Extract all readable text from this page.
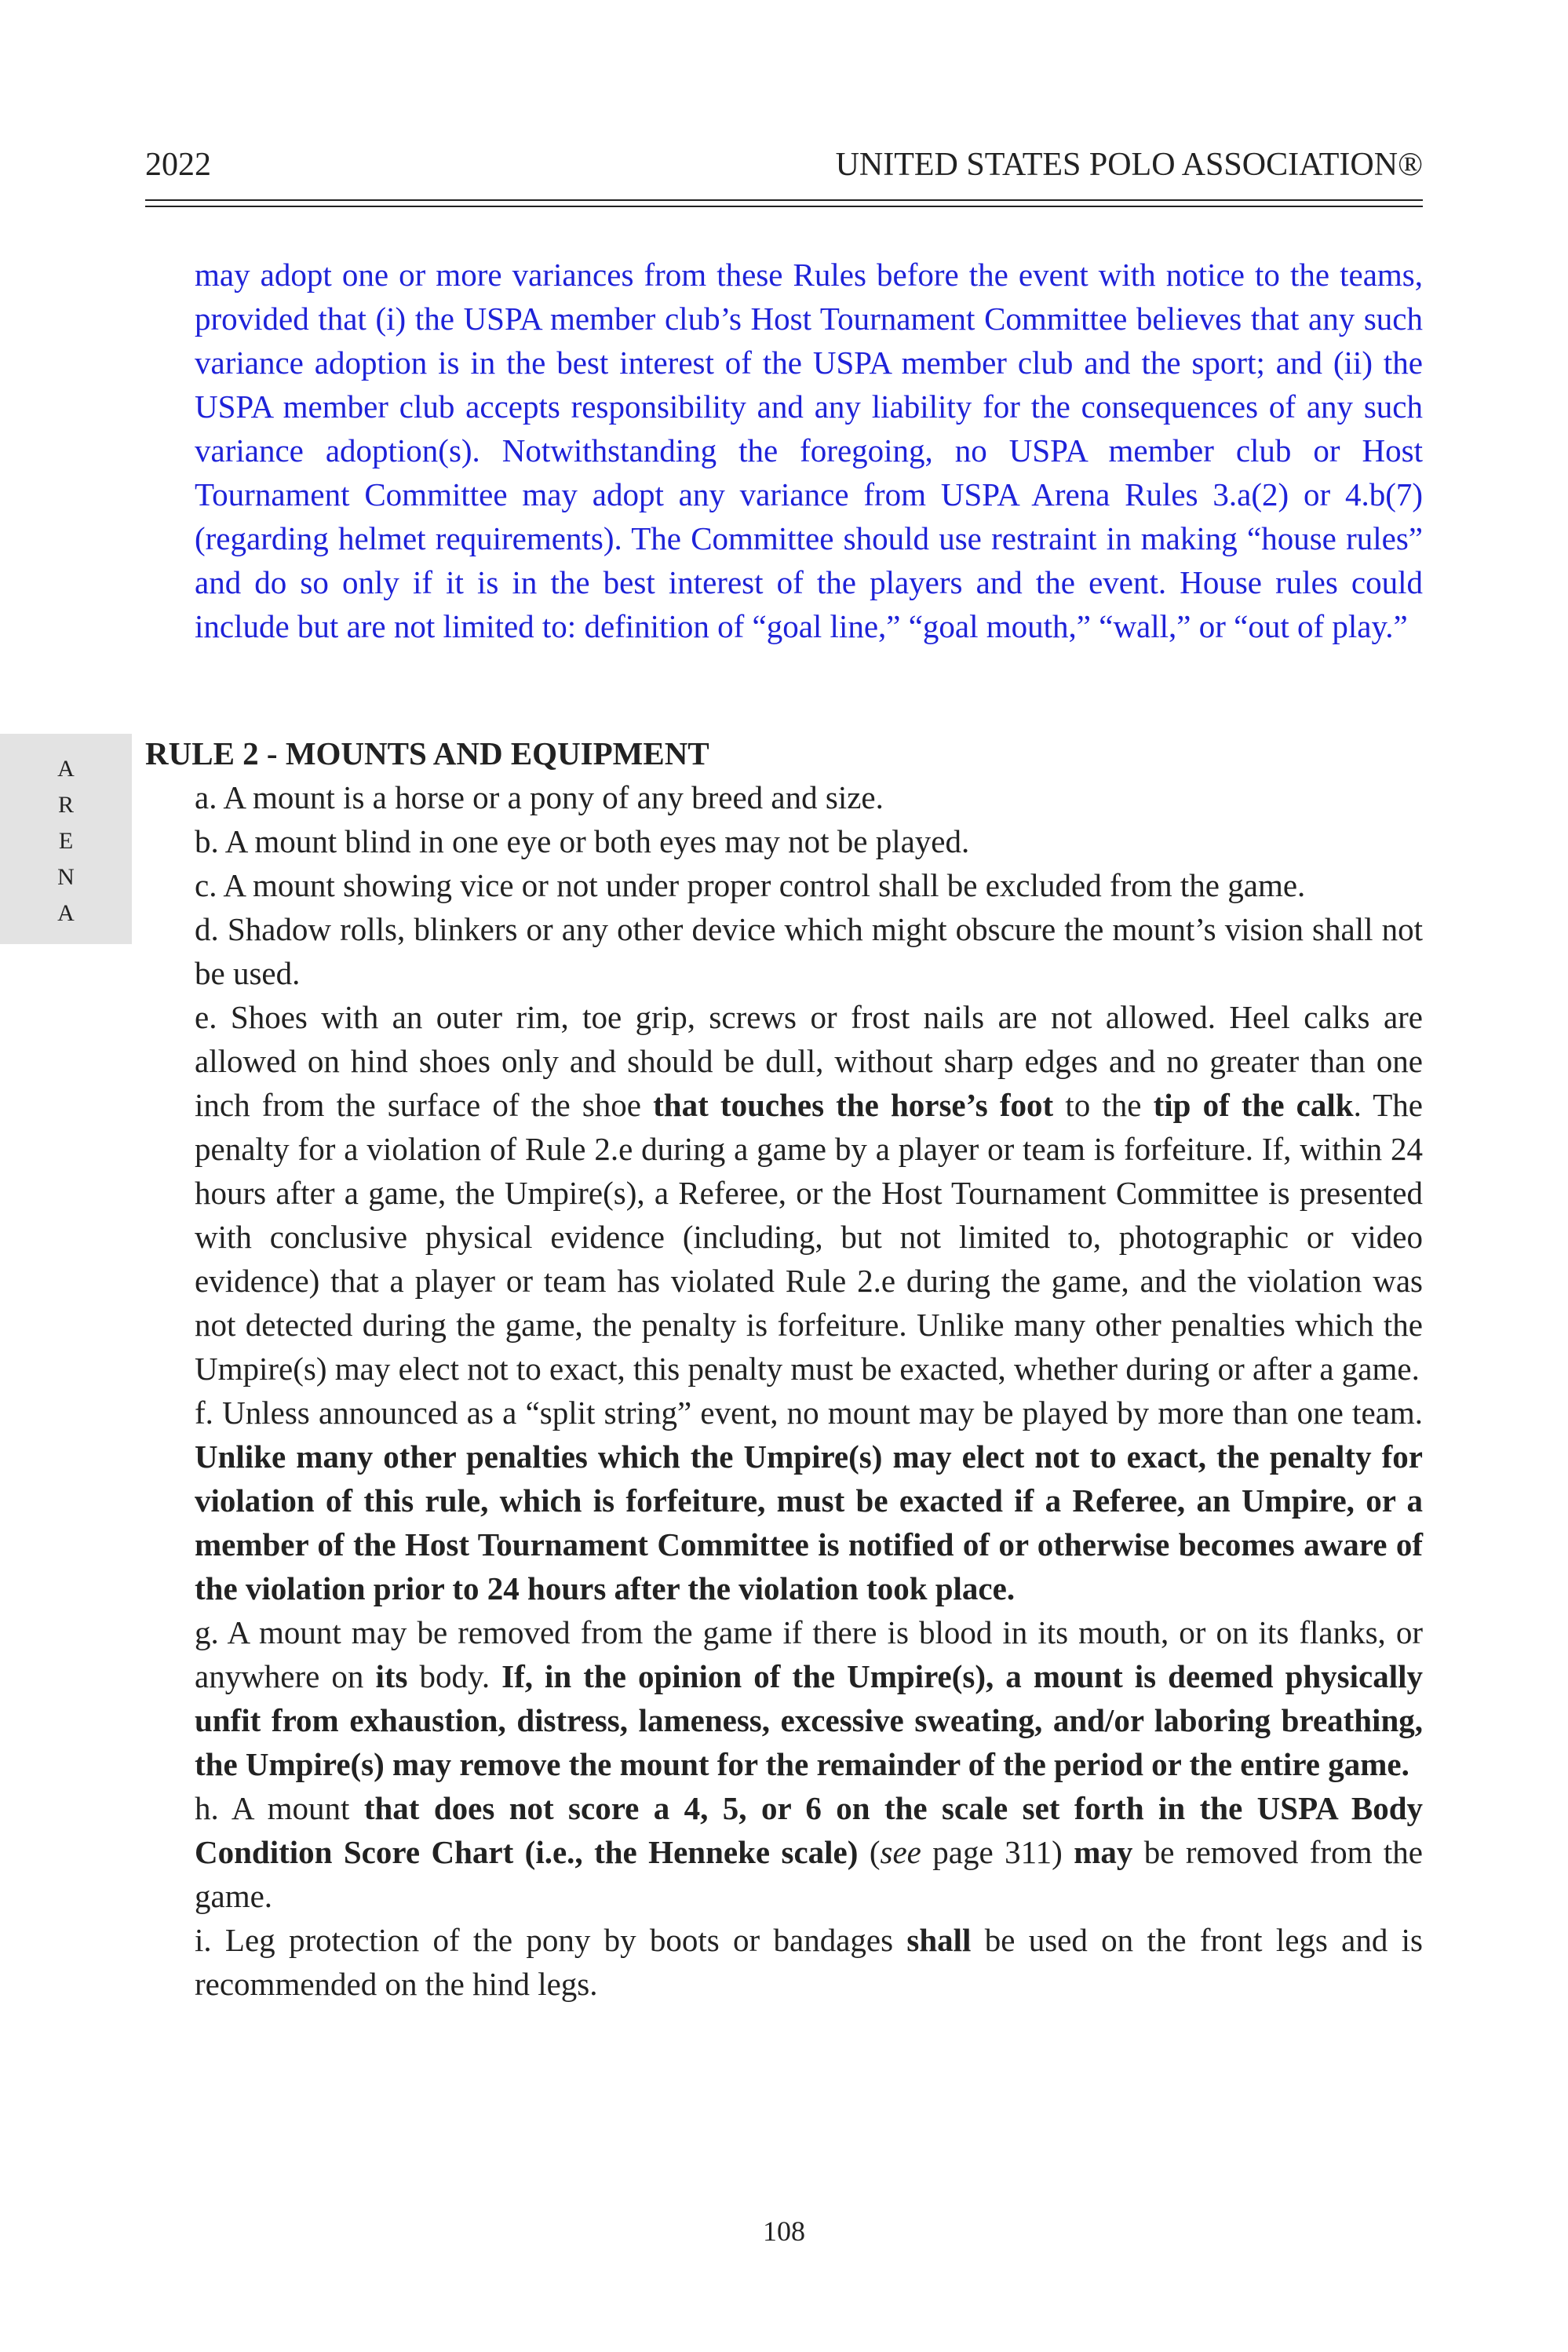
2022	UNITED STATES POLO ASSOCIATION®

may adopt one or more variances from these Rules before the event with notice to the teams, provided that (i) the USPA member club’s Host Tournament Committee believes that any such variance adoption is in the best interest of the USPA member club and the sport; and (ii) the USPA member club accepts responsibility and any liability for the consequences of any such variance adoption(s). Notwithstanding the foregoing, no USPA member club or Host Tournament Committee may adopt any variance from USPA Arena Rules 3.a(2) or 4.b(7) (regarding helmet requirements). The Committee should use restraint in making “house rules” and do so only if it is in the best interest of the players and the event. House rules could include but are not limited to: definition of “goal line,” “goal mouth,” “wall,” or “out of play.”

A
R
E
N
A
RULE 2 - MOUNTS AND EQUIPMENT

a. A mount is a horse or a pony of any breed and size.

b. A mount blind in one eye or both eyes may not be played.

c. A mount showing vice or not under proper control shall be excluded from the game.

d. Shadow rolls, blinkers or any other device which might obscure the mount’s vision shall not be used.

e. Shoes with an outer rim, toe grip, screws or frost nails are not allowed. Heel calks are allowed on hind shoes only and should be dull, without sharp edges and no greater than one inch from the surface of the shoe that touches the horse’s foot to the tip of the calk. The penalty for a violation of Rule 2.e during a game by a player or team is forfeiture. If, within 24 hours after a game, the Umpire(s), a Referee, or the Host Tournament Committee is presented with conclusive physical evidence (including, but not limited to, photographic or video evidence) that a player or team has violated Rule 2.e during the game, and the violation was not detected during the game, the penalty is forfeiture. Unlike many other penalties which the Umpire(s) may elect not to exact, this penalty must be exacted, whether during or after a game.

f. Unless announced as a “split string” event, no mount may be played by more than one team. Unlike many other penalties which the Umpire(s) may elect not to exact, the penalty for violation of this rule, which is forfeiture, must be exacted if a Referee, an Umpire, or a member of the Host Tournament Committee is notified of or otherwise becomes aware of the violation prior to 24 hours after the violation took place.

g. A mount may be removed from the game if there is blood in its mouth, or on its flanks, or anywhere on its body. If, in the opinion of the Umpire(s), a mount is deemed physically unfit from exhaustion, distress, lameness, excessive sweating, and/or laboring breathing, the Umpire(s) may remove the mount for the remainder of the period or the entire game.

h. A mount that does not score a 4, 5, or 6 on the scale set forth in the USPA Body Condition Score Chart (i.e., the Henneke scale) (see page 311) may be removed from the game.

i. Leg protection of the pony by boots or bandages shall be used on the front legs and is recommended on the hind legs.

108
